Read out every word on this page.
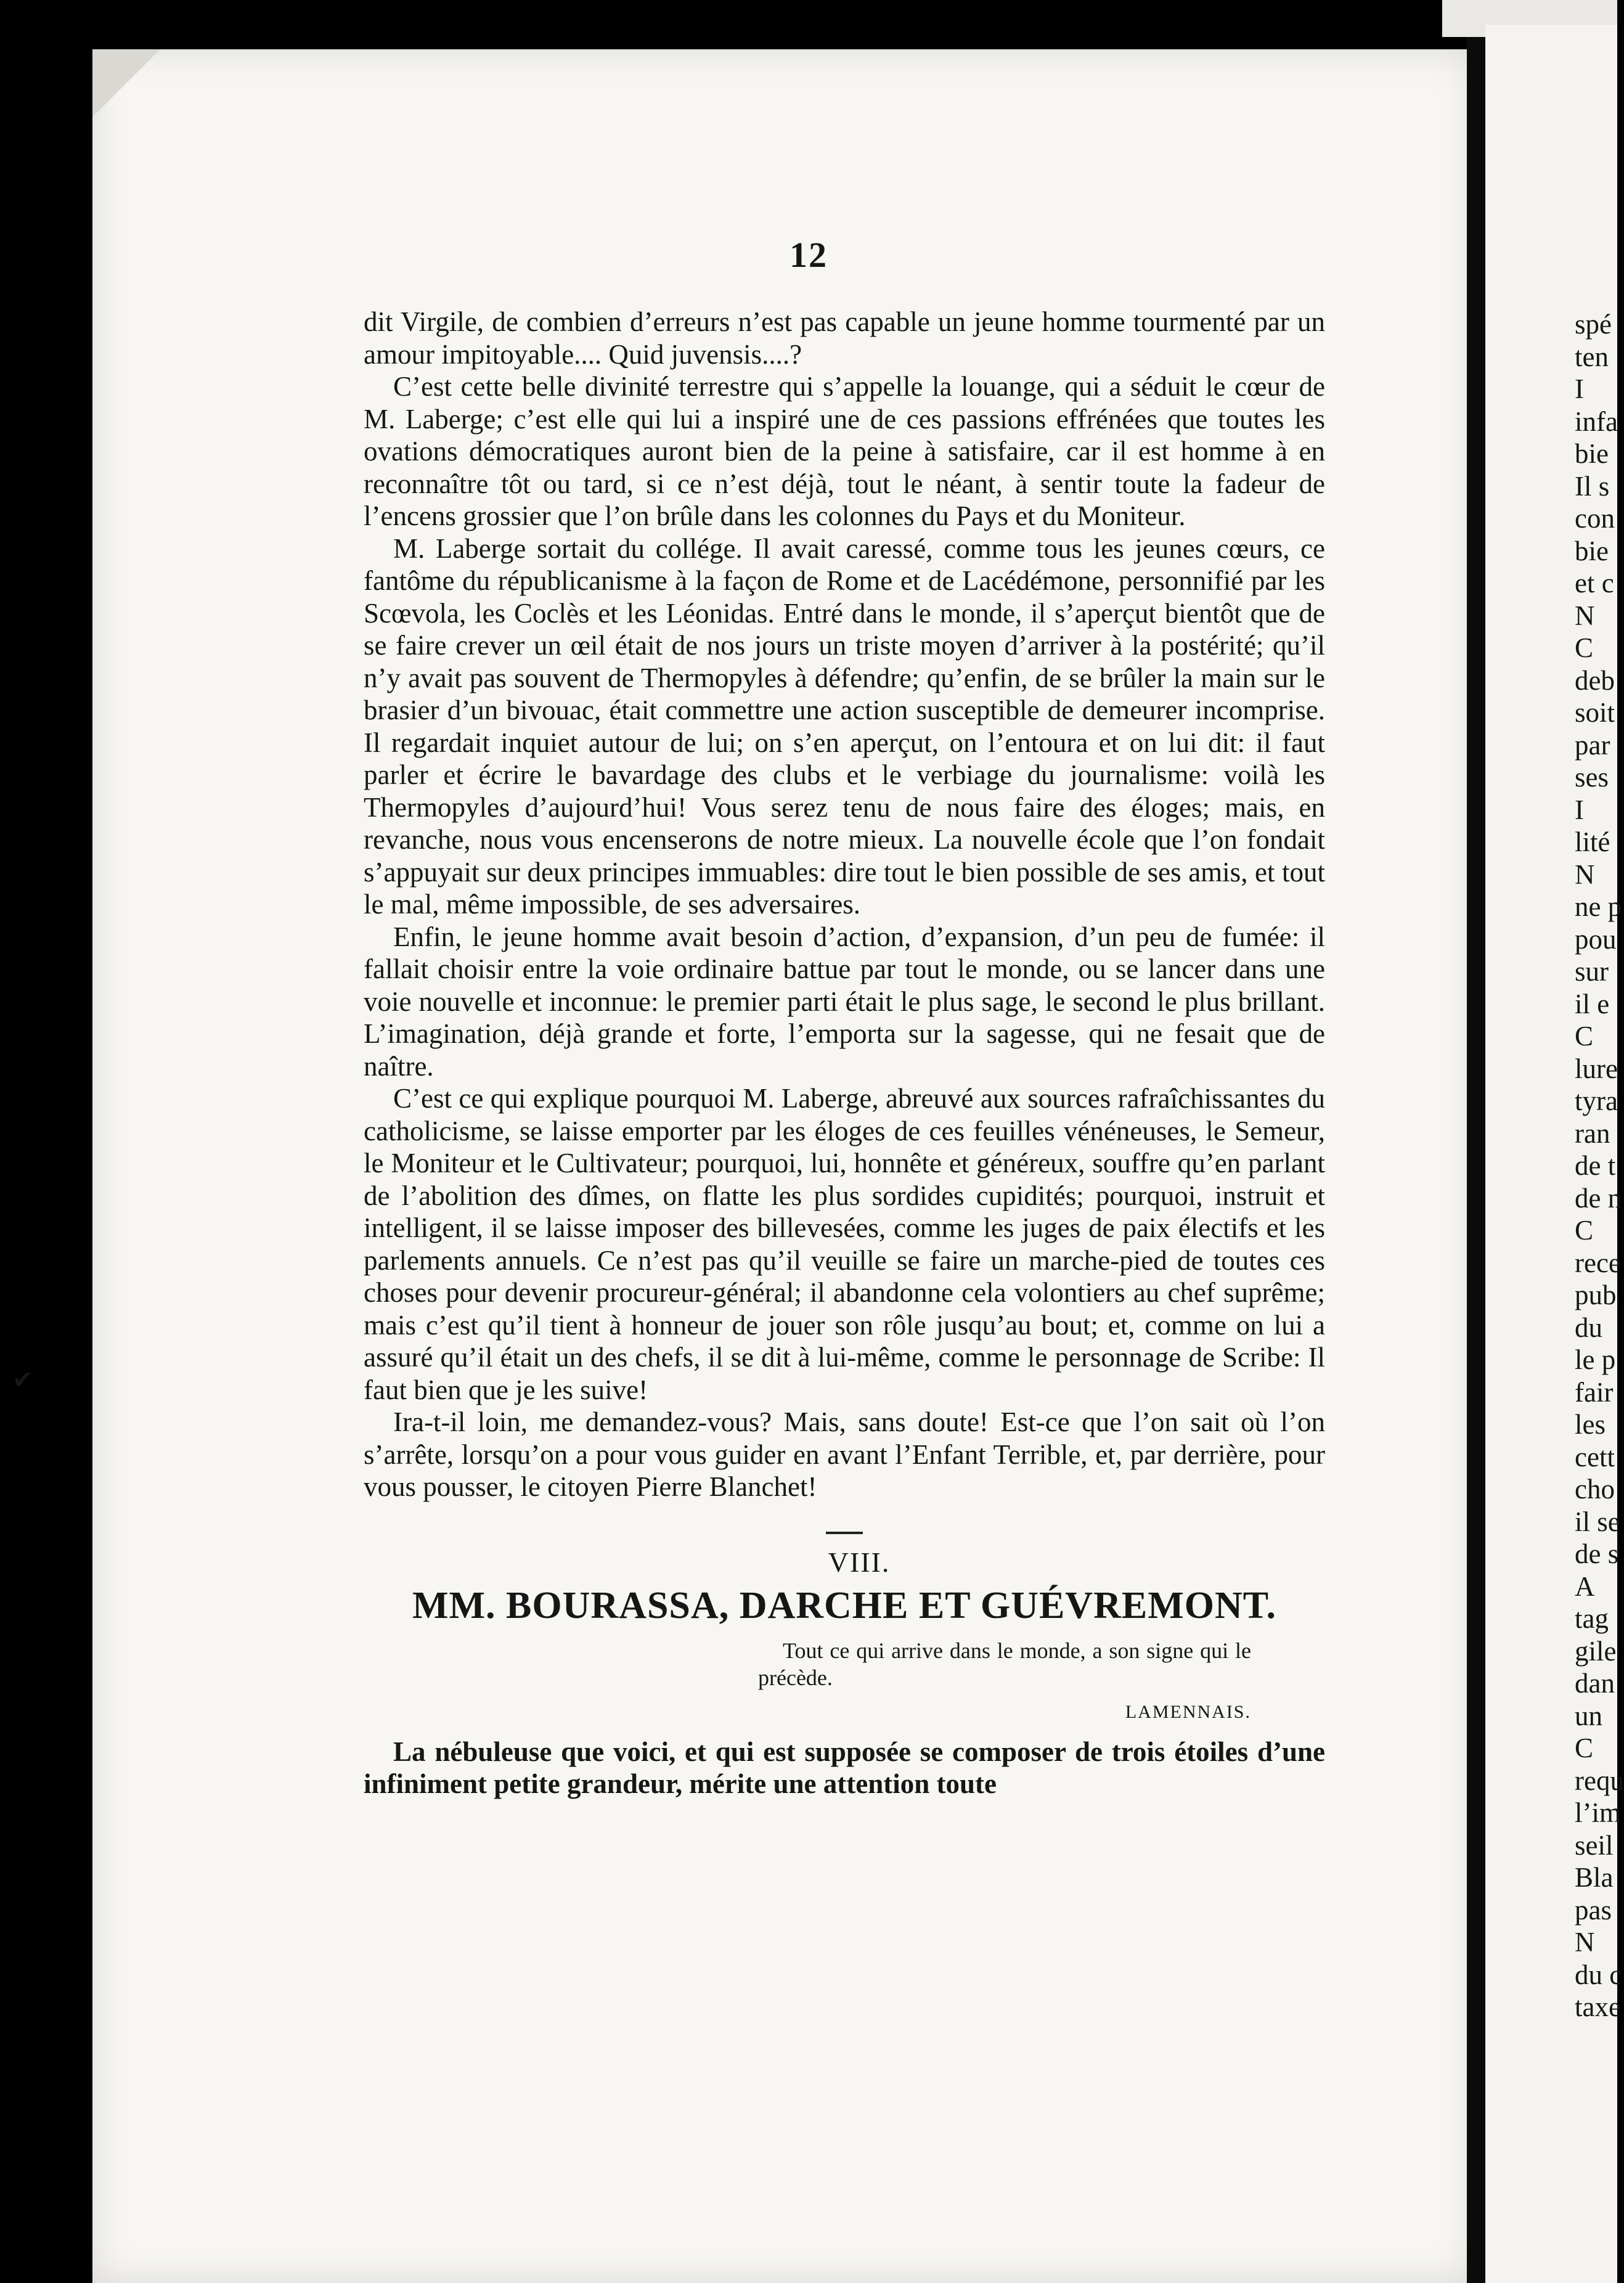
12

dit Virgile, de combien d’erreurs n’est pas capable un jeune homme tourmenté par un amour impitoyable.... Quid juvensis....?

C’est cette belle divinité terrestre qui s’appelle la louange, qui a séduit le cœur de M. Laberge; c’est elle qui lui a inspiré une de ces passions effrénées que toutes les ovations démocratiques auront bien de la peine à satisfaire, car il est homme à en reconnaître tôt ou tard, si ce n’est déjà, tout le néant, à sentir toute la fadeur de l’encens grossier que l’on brûle dans les colonnes du Pays et du Moniteur.

M. Laberge sortait du collége. Il avait caressé, comme tous les jeunes cœurs, ce fantôme du républicanisme à la façon de Rome et de Lacédémone, personnifié par les Scœvola, les Coclès et les Léonidas. Entré dans le monde, il s’aperçut bientôt que de se faire crever un œil était de nos jours un triste moyen d’arriver à la postérité; qu’il n’y avait pas souvent de Thermopyles à défendre; qu’enfin, de se brûler la main sur le brasier d’un bivouac, était commettre une action susceptible de demeurer incomprise. Il regardait inquiet autour de lui; on s’en aperçut, on l’entoura et on lui dit: il faut parler et écrire le bavardage des clubs et le verbiage du journalisme: voilà les Thermopyles d’aujourd’hui! Vous serez tenu de nous faire des éloges; mais, en revanche, nous vous encenserons de notre mieux. La nouvelle école que l’on fondait s’appuyait sur deux principes immuables: dire tout le bien possible de ses amis, et tout le mal, même impossible, de ses adversaires.

Enfin, le jeune homme avait besoin d’action, d’expansion, d’un peu de fumée: il fallait choisir entre la voie ordinaire battue par tout le monde, ou se lancer dans une voie nouvelle et inconnue: le premier parti était le plus sage, le second le plus brillant. L’imagination, déjà grande et forte, l’emporta sur la sagesse, qui ne fesait que de naître.

C’est ce qui explique pourquoi M. Laberge, abreuvé aux sources rafraîchissantes du catholicisme, se laisse emporter par les éloges de ces feuilles vénéneuses, le Semeur, le Moniteur et le Cultivateur; pourquoi, lui, honnête et généreux, souffre qu’en parlant de l’abolition des dîmes, on flatte les plus sordides cupidités; pourquoi, instruit et intelligent, il se laisse imposer des billevesées, comme les juges de paix électifs et les parlements annuels. Ce n’est pas qu’il veuille se faire un marche-pied de toutes ces choses pour devenir procureur-général; il abandonne cela volontiers au chef suprême; mais c’est qu’il tient à honneur de jouer son rôle jusqu’au bout; et, comme on lui a assuré qu’il était un des chefs, il se dit à lui-même, comme le personnage de Scribe: Il faut bien que je les suive!

Ira-t-il loin, me demandez-vous? Mais, sans doute! Est-ce que l’on sait où l’on s’arrête, lorsqu’on a pour vous guider en avant l’Enfant Terrible, et, par derrière, pour vous pousser, le citoyen Pierre Blanchet!

VIII.

MM. BOURASSA, DARCHE ET GUÉVREMONT.
Tout ce qui arrive dans le monde, a son signe qui le précède.
LAMENNAIS.

La nébuleuse que voici, et qui est supposée se composer de trois étoiles d’une infiniment petite grandeur, mérite une attention toute

spé
ten
I
infa
bie
Il s
con
bie
et c
N
C
deb
soit
par
ses
I
lité
N
ne p
pou
sur
il e
C
lure
tyra
ran
de t
de n
C
rece
pub
du
le p
fair
les
cett
cho
il se
de s
A
tag
gile
dan
un
C
requ
l’im
seil
Bla
pas
N
du c
taxe
✔
